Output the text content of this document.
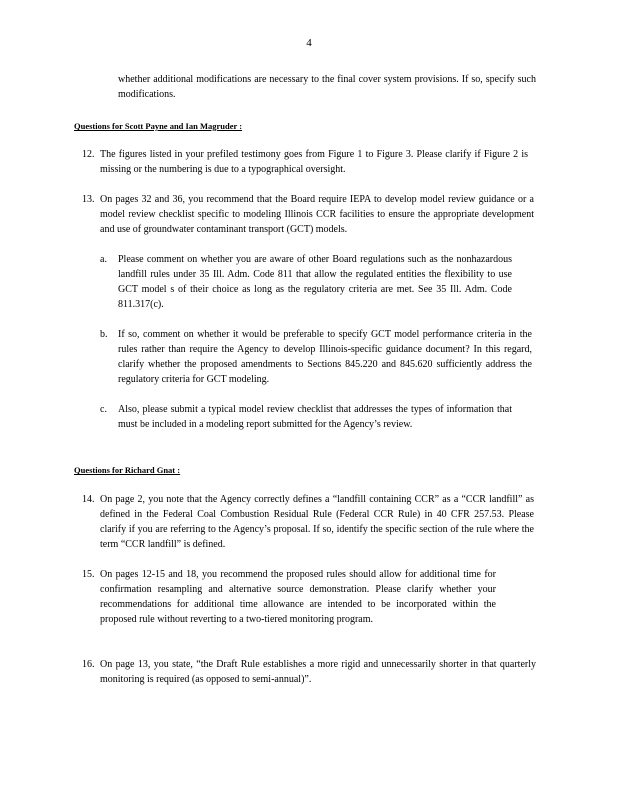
4

whether additional modifications are necessary to the final cover system provisions. If so, specify such modifications.

Questions for Scott Payne and Ian Magruder :
12. The figures listed in your prefiled testimony goes from Figure 1 to Figure 3. Please clarify if Figure 2 is missing or the numbering is due to a typographical oversight.

13. On pages 32 and 36, you recommend that the Board require IEPA to develop model review guidance or a model review checklist specific to modeling Illinois CCR facilities to ensure the appropriate development and use of groundwater contaminant transport (GCT) models.

a. Please comment on whether you are aware of other Board regulations such as the nonhazardous landfill rules under 35 Ill. Adm. Code 811 that allow the regulated entities the flexibility to use GCT model s of their choice as long as the regulatory criteria are met. See 35 Ill. Adm. Code 811.317(c).

b. If so, comment on whether it would be preferable to specify GCT model performance criteria in the rules rather than require the Agency to develop Illinois-specific guidance document? In this regard, clarify whether the proposed amendments to Sections 845.220 and 845.620 sufficiently address the regulatory criteria for GCT modeling.

c. Also, please submit a typical model review checklist that addresses the types of information that must be included in a modeling report submitted for the Agency’s review.

Questions for Richard Gnat :
14. On page 2, you note that the Agency correctly defines a “landfill containing CCR” as a “CCR landfill” as defined in the Federal Coal Combustion Residual Rule (Federal CCR Rule) in 40 CFR 257.53. Please clarify if you are referring to the Agency’s proposal. If so, identify the specific section of the rule where the term “CCR landfill” is defined.

15. On pages 12-15 and 18, you recommend the proposed rules should allow for additional time for confirmation resampling and alternative source demonstration. Please clarify whether your recommendations for additional time allowance are intended to be incorporated within the proposed rule without reverting to a two-tiered monitoring program.

16. On page 13, you state, “the Draft Rule establishes a more rigid and unnecessarily shorter in that quarterly monitoring is required (as opposed to semi-annual)”.
